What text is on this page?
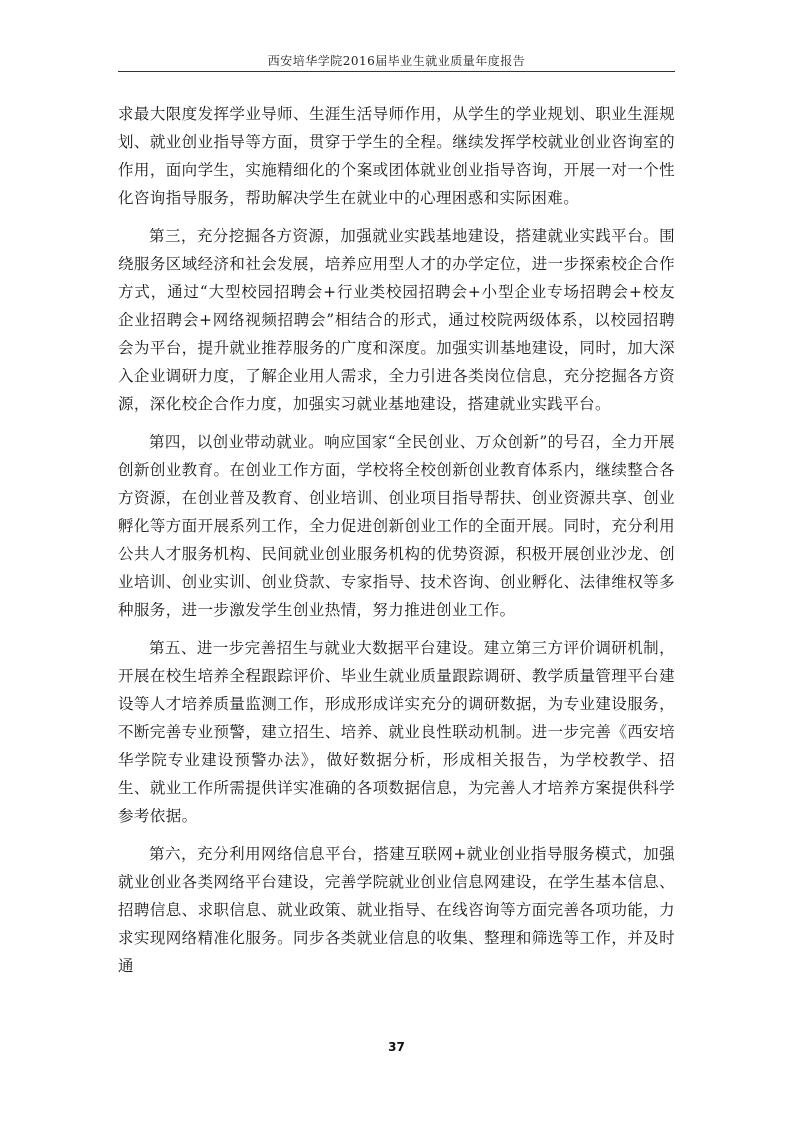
西安培华学院2016届毕业生就业质量年度报告

求最大限度发挥学业导师、生涯生活导师作用，从学生的学业规划、职业生涯规划、就业创业指导等方面，贯穿于学生的全程。继续发挥学校就业创业咨询室的作用，面向学生，实施精细化的个案或团体就业创业指导咨询，开展一对一个性化咨询指导服务，帮助解决学生在就业中的心理困惑和实际困难。

第三，充分挖掘各方资源，加强就业实践基地建设，搭建就业实践平台。围绕服务区域经济和社会发展，培养应用型人才的办学定位，进一步探索校企合作方式，通过“大型校园招聘会+行业类校园招聘会+小型企业专场招聘会+校友企业招聘会+网络视频招聘会”相结合的形式，通过校院两级体系，以校园招聘会为平台，提升就业推荐服务的广度和深度。加强实训基地建设，同时，加大深入企业调研力度，了解企业用人需求，全力引进各类岗位信息，充分挖掘各方资源，深化校企合作力度，加强实习就业基地建设，搭建就业实践平台。

第四，以创业带动就业。响应国家“全民创业、万众创新”的号召，全力开展创新创业教育。在创业工作方面，学校将全校创新创业教育体系内，继续整合各方资源，在创业普及教育、创业培训、创业项目指导帮扶、创业资源共享、创业孵化等方面开展系列工作，全力促进创新创业工作的全面开展。同时，充分利用公共人才服务机构、民间就业创业服务机构的优势资源，积极开展创业沙龙、创业培训、创业实训、创业贷款、专家指导、技术咨询、创业孵化、法律维权等多种服务，进一步激发学生创业热情，努力推进创业工作。

第五、进一步完善招生与就业大数据平台建设。建立第三方评价调研机制，开展在校生培养全程跟踪评价、毕业生就业质量跟踪调研、教学质量管理平台建设等人才培养质量监测工作，形成形成详实充分的调研数据，为专业建设服务，不断完善专业预警，建立招生、培养、就业良性联动机制。进一步完善《西安培华学院专业建设预警办法》，做好数据分析，形成相关报告，为学校教学、招生、就业工作所需提供详实准确的各项数据信息，为完善人才培养方案提供科学参考依据。

第六，充分利用网络信息平台，搭建互联网+就业创业指导服务模式，加强就业创业各类网络平台建设，完善学院就业创业信息网建设，在学生基本信息、招聘信息、求职信息、就业政策、就业指导、在线咨询等方面完善各项功能，力求实现网络精准化服务。同步各类就业信息的收集、整理和筛选等工作，并及时通

37
